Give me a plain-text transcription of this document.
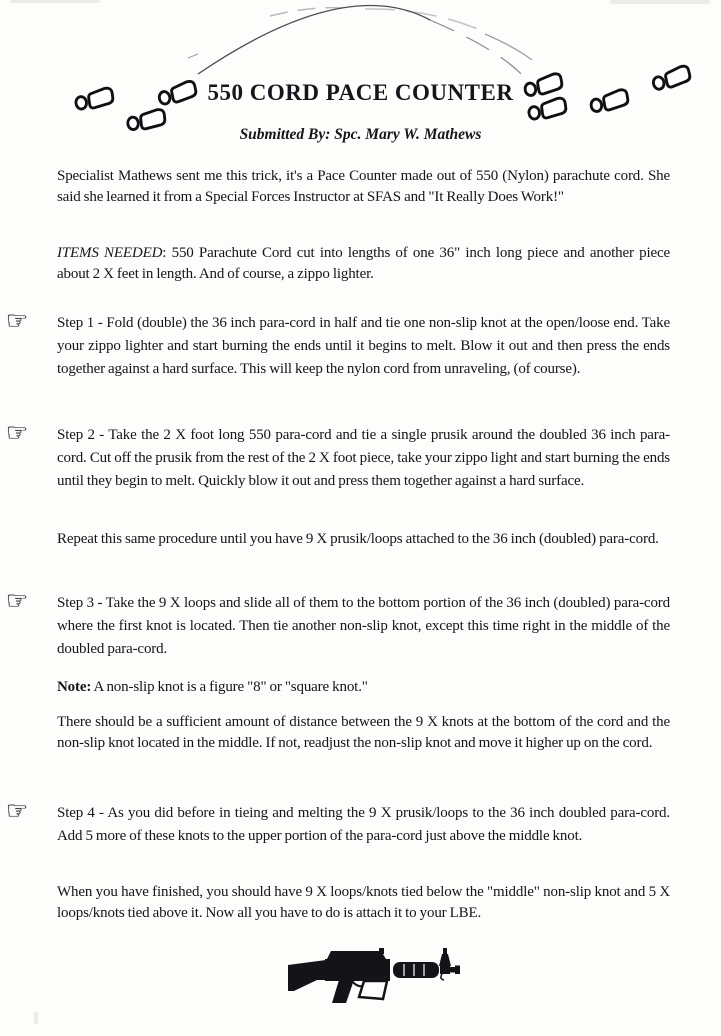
550 CORD PACE COUNTER
Submitted By: Spc. Mary W. Mathews

Specialist Mathews sent me this trick, it's a Pace Counter made out of 550 (Nylon) parachute cord. She said she learned it from a Special Forces Instructor at SFAS and "It Really Does Work!"

ITEMS NEEDED: 550 Parachute Cord cut into lengths of one 36" inch long piece and another piece about 2 X feet in length. And of course, a zippo lighter.

☞	Step 1 - Fold (double) the 36 inch para-cord in half and tie one non-slip knot at the open/loose end. Take your zippo lighter and start burning the ends until it begins to melt. Blow it out and then press the ends together against a hard surface. This will keep the nylon cord from unraveling, (of course).

☞	Step 2 - Take the 2 X foot long 550 para-cord and tie a single prusik around the doubled 36 inch para-cord. Cut off the prusik from the rest of the 2 X foot piece, take your zippo light and start burning the ends until they begin to melt. Quickly blow it out and press them together against a hard surface.

Repeat this same procedure until you have 9 X prusik/loops attached to the 36 inch (doubled) para-cord.

☞	Step 3 - Take the 9 X loops and slide all of them to the bottom portion of the 36 inch (doubled) para-cord where the first knot is located. Then tie another non-slip knot, except this time right in the middle of the doubled para-cord.

Note: A non-slip knot is a figure "8" or "square knot."

There should be a sufficient amount of distance between the 9 X knots at the bottom of the cord and the non-slip knot located in the middle. If not, readjust the non-slip knot and move it higher up on the cord.

☞	Step 4 - As you did before in tieing and melting the 9 X prusik/loops to the 36 inch doubled para-cord. Add 5 more of these knots to the upper portion of the para-cord just above the middle knot.

When you have finished, you should have 9 X loops/knots tied below the "middle" non-slip knot and 5 X loops/knots tied above it. Now all you have to do is attach it to your LBE.
